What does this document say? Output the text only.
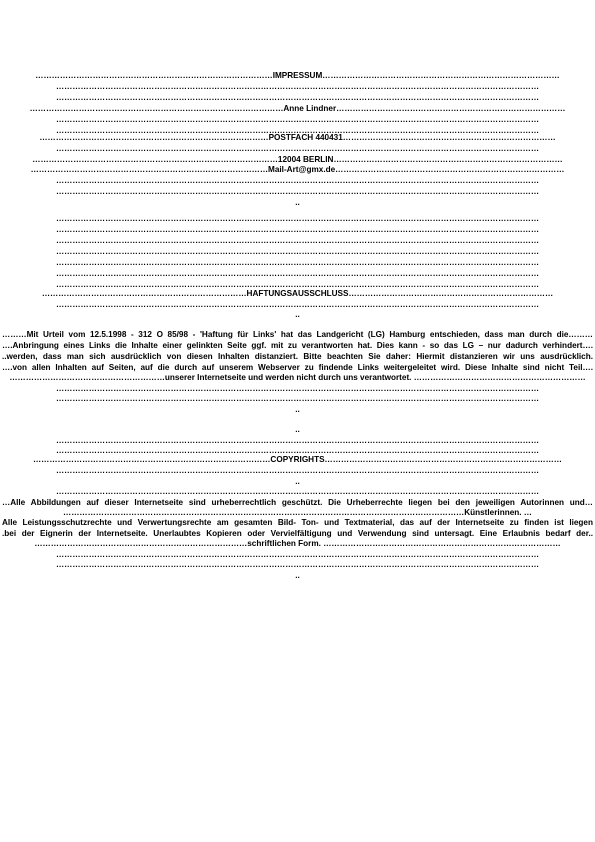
……………………………………………………………………………IMPRESSUM……………………………………………………………………………
……………………………………………………………………………………………………………………………………………………………
……………………………………………………………………………………………………………………………………………………………
…………………………………………………………………………………Anne Lindner…………………………………………………………………………
……………………………………………………………………………………………………………………………………………………………
……………………………………………………………………………………………………………………………………………………………
…………………………………………………………………………POSTFACH 440431……………………………………………………………………
……………………………………………………………………………………………………………………………………………………………
………………………………………………………………………………12004 BERLIN…………………………………………………………………………
……………………………………………………………………………Mail-Art@gmx.de…………………………………………………………………………
……………………………………………………………………………………………………………………………………………………………
……………………………………………………………………………………………………………………………………………………………
..
……………………………………………………………………………………………………………………………………………………………
……………………………………………………………………………………………………………………………………………………………
……………………………………………………………………………………………………………………………………………………………
……………………………………………………………………………………………………………………………………………………………
……………………………………………………………………………………………………………………………………………………………
……………………………………………………………………………………………………………………………………………………………
……………………………………………………………………………………………………………………………………………………………
…………………………………………………………………HAFTUNGSAUSSCHLUSS…………………………………………………………………
……………………………………………………………………………………………………………………………………………………………
..
………Mit Urteil vom 12.5.1998 - 312 O 85/98 - 'Haftung für Links' hat das Landgericht (LG) Hamburg entschieden, dass man durch die………
….Anbringung eines Links die Inhalte einer gelinkten Seite ggf. mit zu verantworten hat. Dies kann - so das LG – nur dadurch verhindert….
..werden, dass man sich ausdrücklich von diesen Inhalten distanziert. Bitte beachten Sie daher: Hiermit distanzieren wir uns ausdrücklich.
….von allen Inhalten auf Seiten, auf die durch auf unserem Webserver zu findende Links weitergeleitet wird. Diese Inhalte sind nicht Teil….
…………………………………………………unserer Internetseite und werden nicht durch uns verantwortet. ………………………………………………………
……………………………………………………………………………………………………………………………………………………………
……………………………………………………………………………………………………………………………………………………………
..
..
……………………………………………………………………………………………………………………………………………………………
……………………………………………………………………………………………………………………………………………………………
……………………………………………………………………………COPYRIGHTS……………………………………………………………………………
……………………………………………………………………………………………………………………………………………………………
..
……………………………………………………………………………………………………………………………………………………………
…Alle Abbildungen auf dieser Internetseite sind urheberrechtlich geschützt. Die Urheberrechte liegen bei den jeweiligen Autorinnen und…
…………………………………………………………………………………………………………………………………Künstlerinnen. …
Alle Leistungsschutzrechte und Verwertungsrechte am gesamten Bild- Ton- und Textmaterial, das auf der Internetseite zu finden ist liegen
.bei der Eignerin der Internetseite. Unerlaubtes Kopieren oder Vervielfältigung und Verwendung sind untersagt. Eine Erlaubnis bedarf der..
……………………………………………………………………schriftlichen Form. ……………………………………………………………………………
……………………………………………………………………………………………………………………………………………………………
……………………………………………………………………………………………………………………………………………………………
..
